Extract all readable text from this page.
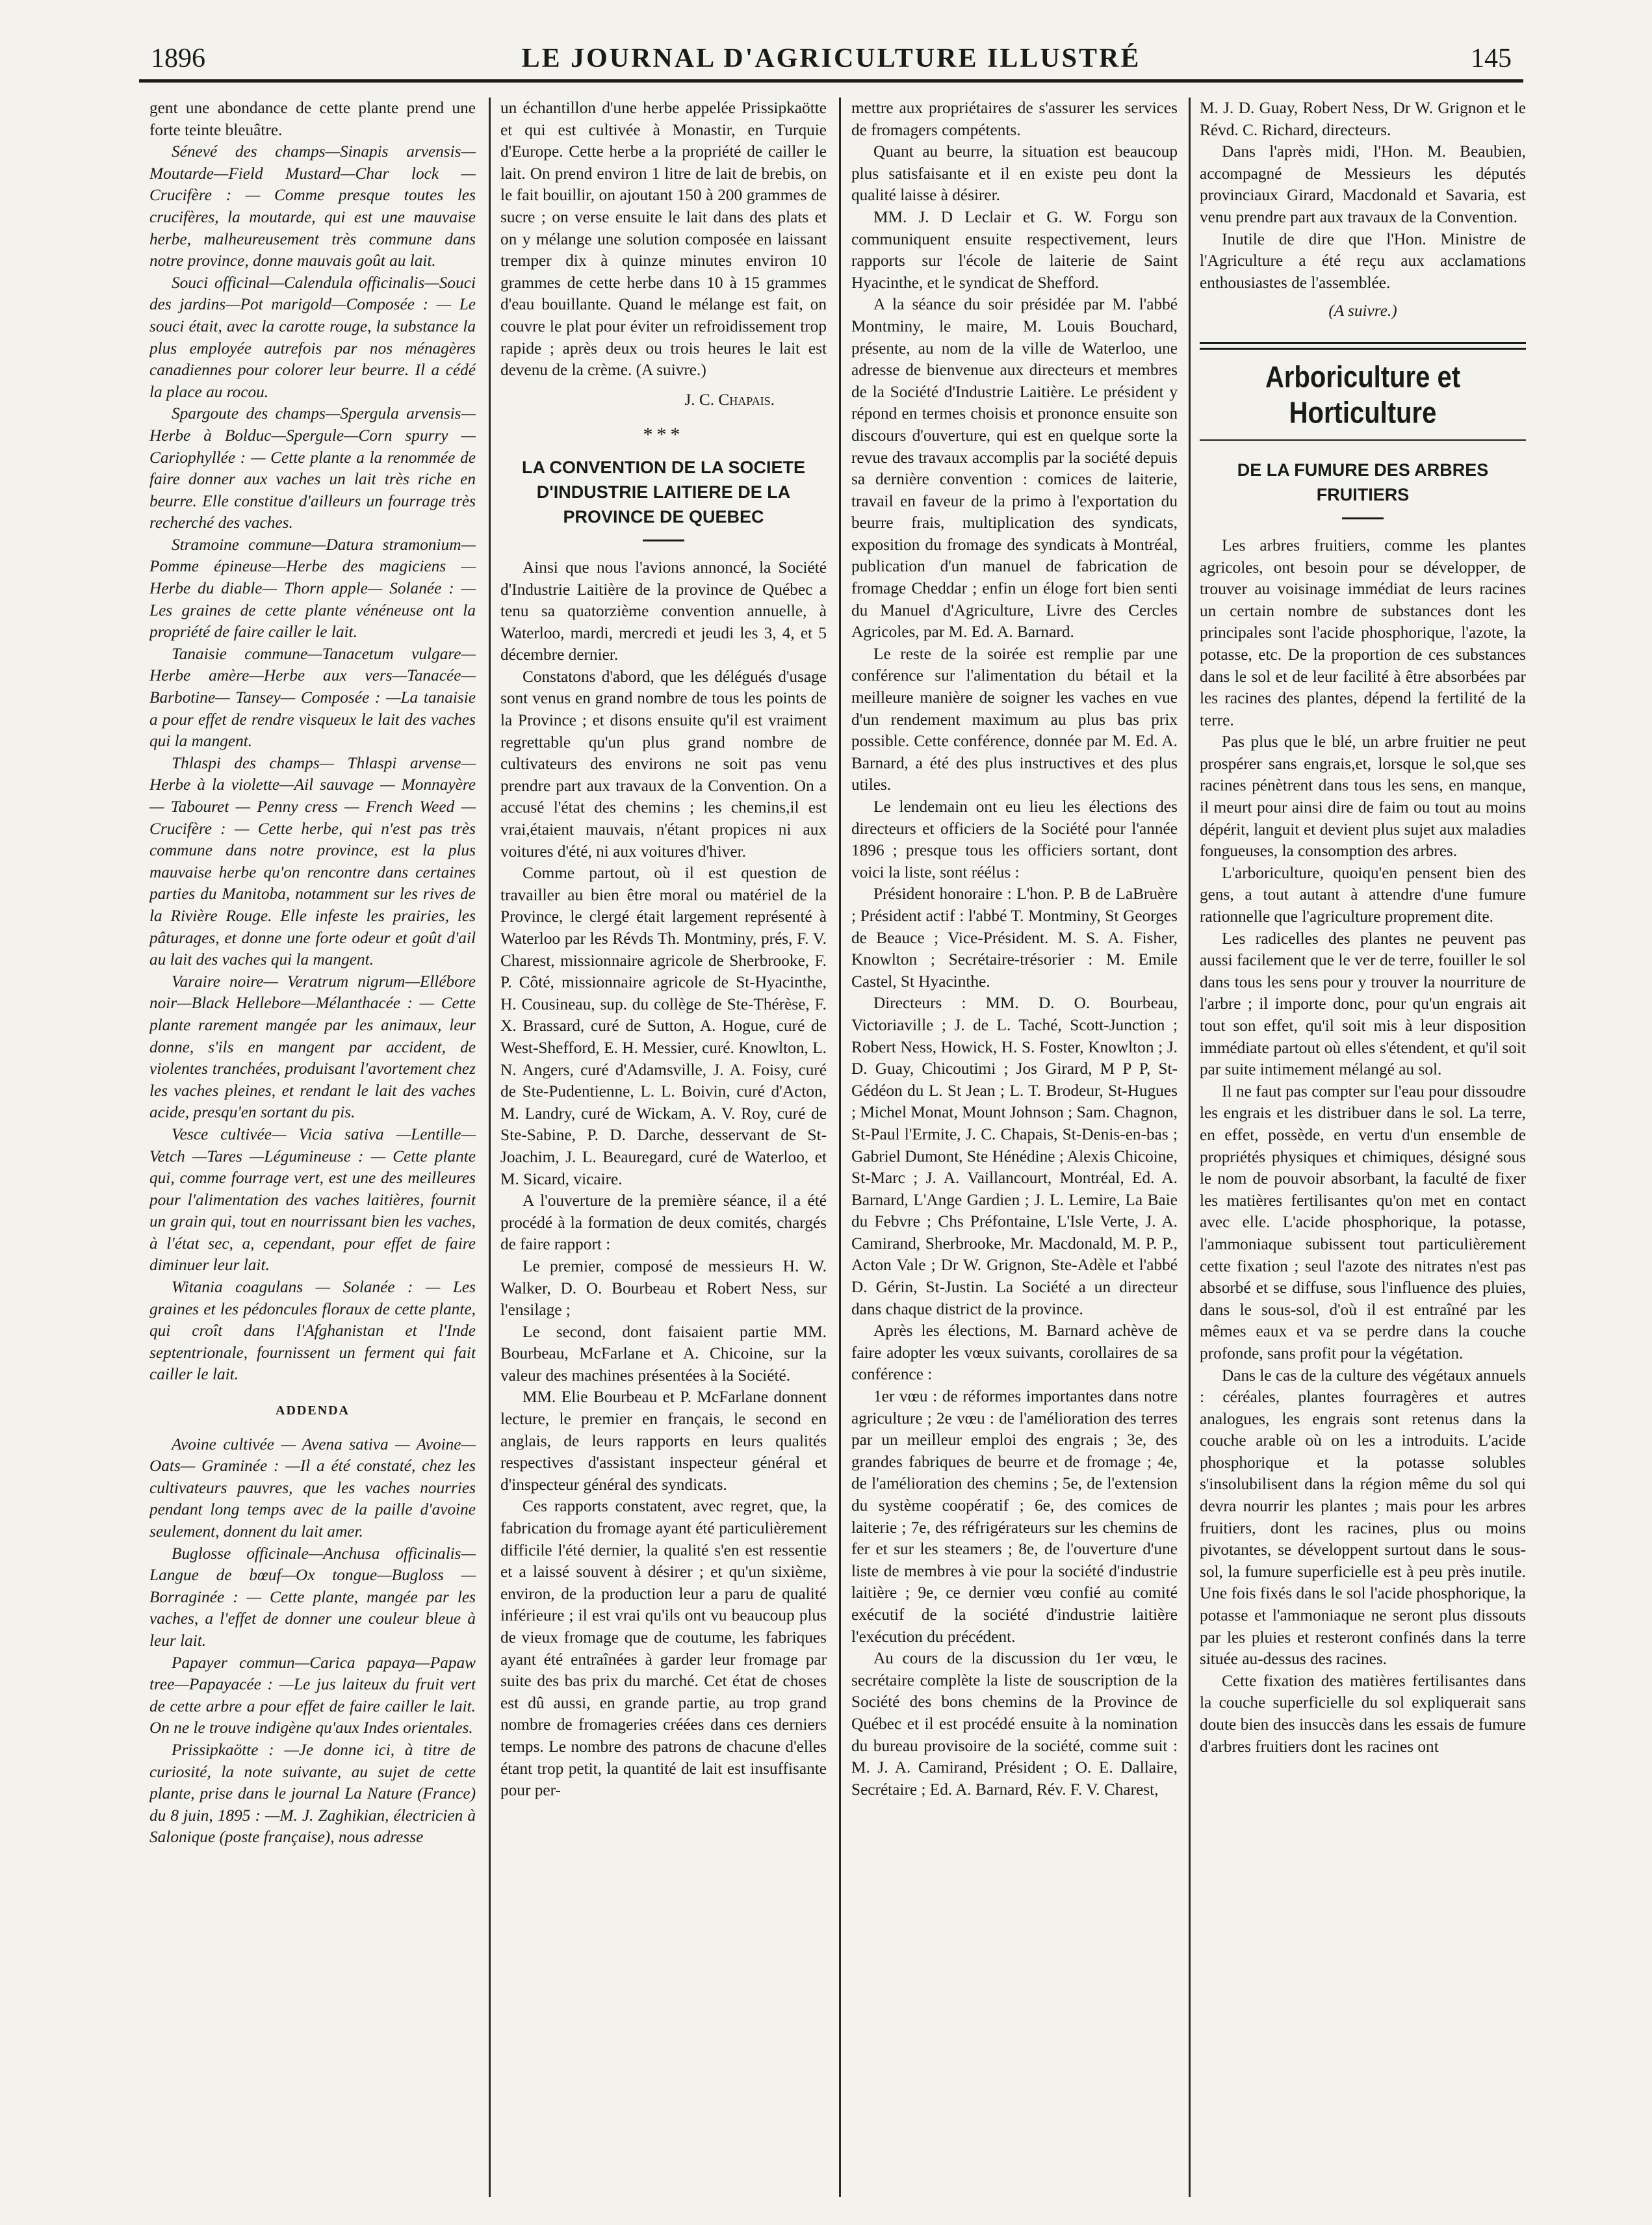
1896	LE JOURNAL D'AGRICULTURE ILLUSTRÉ	145

gent une abondance de cette plante prend une forte teinte bleuâtre.

Sénevé des champs—Sinapis arvensis—Moutarde—Field Mustard—Char lock — Crucifère : — Comme presque toutes les crucifères, la moutarde, qui est une mauvaise herbe, malheureusement très commune dans notre province, donne mauvais goût au lait.

Souci officinal—Calendula officinalis—Souci des jardins—Pot marigold—Composée : — Le souci était, avec la carotte rouge, la substance la plus employée autrefois par nos ménagères canadiennes pour colorer leur beurre. Il a cédé la place au rocou.

Spargoute des champs—Spergula arvensis—Herbe à Bolduc—Spergule—Corn spurry — Cariophyllée : — Cette plante a la renommée de faire donner aux vaches un lait très riche en beurre. Elle constitue d'ailleurs un fourrage très recherché des vaches.

Stramoine commune—Datura stramonium—Pomme épineuse—Herbe des magiciens — Herbe du diable— Thorn apple— Solanée : —Les graines de cette plante vénéneuse ont la propriété de faire cailler le lait.

Tanaisie commune—Tanacetum vulgare—Herbe amère—Herbe aux vers—Tanacée— Barbotine— Tansey— Composée : —La tanaisie a pour effet de rendre visqueux le lait des vaches qui la mangent.

Thlaspi des champs— Thlaspi arvense—Herbe à la violette—Ail sauvage — Monnayère — Tabouret — Penny cress — French Weed — Crucifère : — Cette herbe, qui n'est pas très commune dans notre province, est la plus mauvaise herbe qu'on rencontre dans certaines parties du Manitoba, notamment sur les rives de la Rivière Rouge. Elle infeste les prairies, les pâturages, et donne une forte odeur et goût d'ail au lait des vaches qui la mangent.

Varaire noire— Veratrum nigrum—Ellébore noir—Black Hellebore—Mélanthacée : — Cette plante rarement mangée par les animaux, leur donne, s'ils en mangent par accident, de violentes tranchées, produisant l'avortement chez les vaches pleines, et rendant le lait des vaches acide, presqu'en sortant du pis.

Vesce cultivée— Vicia sativa —Lentille— Vetch —Tares —Légumineuse : — Cette plante qui, comme fourrage vert, est une des meilleures pour l'alimentation des vaches laitières, fournit un grain qui, tout en nourrissant bien les vaches, à l'état sec, a, cependant, pour effet de faire diminuer leur lait.

Witania coagulans — Solanée : — Les graines et les pédoncules floraux de cette plante, qui croît dans l'Afghanistan et l'Inde septentrionale, fournissent un ferment qui fait cailler le lait.

ADDENDA

Avoine cultivée — Avena sativa — Avoine—Oats— Graminée : —Il a été constaté, chez les cultivateurs pauvres, que les vaches nourries pendant long temps avec de la paille d'avoine seulement, donnent du lait amer.

Buglosse officinale—Anchusa officinalis—Langue de bœuf—Ox tongue—Bugloss — Borraginée : — Cette plante, mangée par les vaches, a l'effet de donner une couleur bleue à leur lait.

Papayer commun—Carica papaya—Papaw tree—Papayacée : —Le jus laiteux du fruit vert de cette arbre a pour effet de faire cailler le lait. On ne le trouve indigène qu'aux Indes orientales.

Prissipkaötte : —Je donne ici, à titre de curiosité, la note suivante, au sujet de cette plante, prise dans le journal La Nature (France) du 8 juin, 1895 : —M. J. Zaghikian, électricien à Salonique (poste française), nous adresse

un échantillon d'une herbe appelée Prissipkaötte et qui est cultivée à Monastir, en Turquie d'Europe. Cette herbe a la propriété de cailler le lait. On prend environ 1 litre de lait de brebis, on le fait bouillir, on ajoutant 150 à 200 grammes de sucre ; on verse ensuite le lait dans des plats et on y mélange une solution composée en laissant tremper dix à quinze minutes environ 10 grammes de cette herbe dans 10 à 15 grammes d'eau bouillante. Quand le mélange est fait, on couvre le plat pour éviter un refroidissement trop rapide ; après deux ou trois heures le lait est devenu de la crème. (A suivre.)

J. C. Chapais.
***
LA CONVENTION DE LA SOCIETE D'INDUSTRIE LAITIERE DE LA PROVINCE DE QUEBEC

Ainsi que nous l'avions annoncé, la Société d'Industrie Laitière de la province de Québec a tenu sa quatorzième convention annuelle, à Waterloo, mardi, mercredi et jeudi les 3, 4, et 5 décembre dernier.

Constatons d'abord, que les délégués d'usage sont venus en grand nombre de tous les points de la Province ; et disons ensuite qu'il est vraiment regrettable qu'un plus grand nombre de cultivateurs des environs ne soit pas venu prendre part aux travaux de la Convention. On a accusé l'état des chemins ; les chemins,il est vrai,étaient mauvais, n'étant propices ni aux voitures d'été, ni aux voitures d'hiver.

Comme partout, où il est question de travailler au bien être moral ou matériel de la Province, le clergé était largement représenté à Waterloo par les Révds Th. Montminy, prés, F. V. Charest, missionnaire agricole de Sherbrooke, F. P. Côté, missionnaire agricole de St-Hyacinthe, H. Cousineau, sup. du collège de Ste-Thérèse, F. X. Brassard, curé de Sutton, A. Hogue, curé de West-Shefford, E. H. Messier, curé. Knowlton, L. N. Angers, curé d'Adamsville, J. A. Foisy, curé de Ste-Pudentienne, L. L. Boivin, curé d'Acton, M. Landry, curé de Wickam, A. V. Roy, curé de Ste-Sabine, P. D. Darche, desservant de St-Joachim, J. L. Beauregard, curé de Waterloo, et M. Sicard, vicaire.

A l'ouverture de la première séance, il a été procédé à la formation de deux comités, chargés de faire rapport :

Le premier, composé de messieurs H. W. Walker, D. O. Bourbeau et Robert Ness, sur l'ensilage ;

Le second, dont faisaient partie MM. Bourbeau, McFarlane et A. Chicoine, sur la valeur des machines présentées à la Société.

MM. Elie Bourbeau et P. McFarlane donnent lecture, le premier en français, le second en anglais, de leurs rapports en leurs qualités respectives d'assistant inspecteur général et d'inspecteur général des syndicats.

Ces rapports constatent, avec regret, que, la fabrication du fromage ayant été particulièrement difficile l'été dernier, la qualité s'en est ressentie et a laissé souvent à désirer ; et qu'un sixième, environ, de la production leur a paru de qualité inférieure ; il est vrai qu'ils ont vu beaucoup plus de vieux fromage que de coutume, les fabriques ayant été entraînées à garder leur fromage par suite des bas prix du marché. Cet état de choses est dû aussi, en grande partie, au trop grand nombre de fromageries créées dans ces derniers temps. Le nombre des patrons de chacune d'elles étant trop petit, la quantité de lait est insuffisante pour per-

mettre aux propriétaires de s'assurer les services de fromagers compétents.

Quant au beurre, la situation est beaucoup plus satisfaisante et il en existe peu dont la qualité laisse à désirer.

MM. J. D Leclair et G. W. Forgu son communiquent ensuite respectivement, leurs rapports sur l'école de laiterie de Saint Hyacinthe, et le syndicat de Shefford.

A la séance du soir présidée par M. l'abbé Montminy, le maire, M. Louis Bouchard, présente, au nom de la ville de Waterloo, une adresse de bienvenue aux directeurs et membres de la Société d'Industrie Laitière. Le président y répond en termes choisis et prononce ensuite son discours d'ouverture, qui est en quelque sorte la revue des travaux accomplis par la société depuis sa dernière convention : comices de laiterie, travail en faveur de la primo à l'exportation du beurre frais, multiplication des syndicats, exposition du fromage des syndicats à Montréal, publication d'un manuel de fabrication de fromage Cheddar ; enfin un éloge fort bien senti du Manuel d'Agriculture, Livre des Cercles Agricoles, par M. Ed. A. Barnard.

Le reste de la soirée est remplie par une conférence sur l'alimentation du bétail et la meilleure manière de soigner les vaches en vue d'un rendement maximum au plus bas prix possible. Cette conférence, donnée par M. Ed. A. Barnard, a été des plus instructives et des plus utiles.

Le lendemain ont eu lieu les élections des directeurs et officiers de la Société pour l'année 1896 ; presque tous les officiers sortant, dont voici la liste, sont réélus :

Président honoraire : L'hon. P. B de LaBruère ; Président actif : l'abbé T. Montminy, St Georges de Beauce ; Vice-Président. M. S. A. Fisher, Knowlton ; Secrétaire-trésorier : M. Emile Castel, St Hyacinthe.

Directeurs : MM. D. O. Bourbeau, Victoriaville ; J. de L. Taché, Scott-Junction ; Robert Ness, Howick, H. S. Foster, Knowlton ; J. D. Guay, Chicoutimi ; Jos Girard, M P P, St-Gédéon du L. St Jean ; L. T. Brodeur, St-Hugues ; Michel Monat, Mount Johnson ; Sam. Chagnon, St-Paul l'Ermite, J. C. Chapais, St-Denis-en-bas ; Gabriel Dumont, Ste Hénédine ; Alexis Chicoine, St-Marc ; J. A. Vaillancourt, Montréal, Ed. A. Barnard, L'Ange Gardien ; J. L. Lemire, La Baie du Febvre ; Chs Préfontaine, L'Isle Verte, J. A. Camirand, Sherbrooke, Mr. Macdonald, M. P. P., Acton Vale ; Dr W. Grignon, Ste-Adèle et l'abbé D. Gérin, St-Justin. La Société a un directeur dans chaque district de la province.

Après les élections, M. Barnard achève de faire adopter les vœux suivants, corollaires de sa conférence :

1er vœu : de réformes importantes dans notre agriculture ; 2e vœu : de l'amélioration des terres par un meilleur emploi des engrais ; 3e, des grandes fabriques de beurre et de fromage ; 4e, de l'amélioration des chemins ; 5e, de l'extension du système coopératif ; 6e, des comices de laiterie ; 7e, des réfrigérateurs sur les chemins de fer et sur les steamers ; 8e, de l'ouverture d'une liste de membres à vie pour la société d'industrie laitière ; 9e, ce dernier vœu confié au comité exécutif de la société d'industrie laitière l'exécution du précédent.

Au cours de la discussion du 1er vœu, le secrétaire complète la liste de souscription de la Société des bons chemins de la Province de Québec et il est procédé ensuite à la nomination du bureau provisoire de la société, comme suit : M. J. A. Camirand, Président ; O. E. Dallaire, Secrétaire ; Ed. A. Barnard, Rév. F. V. Charest,

M. J. D. Guay, Robert Ness, Dr W. Grignon et le Révd. C. Richard, directeurs.

Dans l'après midi, l'Hon. M. Beaubien, accompagné de Messieurs les députés provinciaux Girard, Macdonald et Savaria, est venu prendre part aux travaux de la Convention.

Inutile de dire que l'Hon. Ministre de l'Agriculture a été reçu aux acclamations enthousiastes de l'assemblée.

(A suivre.)
Arboriculture et Horticulture
DE LA FUMURE DES ARBRES FRUITIERS

Les arbres fruitiers, comme les plantes agricoles, ont besoin pour se développer, de trouver au voisinage immédiat de leurs racines un certain nombre de substances dont les principales sont l'acide phosphorique, l'azote, la potasse, etc. De la proportion de ces substances dans le sol et de leur facilité à être absorbées par les racines des plantes, dépend la fertilité de la terre.

Pas plus que le blé, un arbre fruitier ne peut prospérer sans engrais,et, lorsque le sol,que ses racines pénètrent dans tous les sens, en manque, il meurt pour ainsi dire de faim ou tout au moins dépérit, languit et devient plus sujet aux maladies fongueuses, la consomption des arbres.

L'arboriculture, quoiqu'en pensent bien des gens, a tout autant à attendre d'une fumure rationnelle que l'agriculture proprement dite.

Les radicelles des plantes ne peuvent pas aussi facilement que le ver de terre, fouiller le sol dans tous les sens pour y trouver la nourriture de l'arbre ; il importe donc, pour qu'un engrais ait tout son effet, qu'il soit mis à leur disposition immédiate partout où elles s'étendent, et qu'il soit par suite intimement mélangé au sol.

Il ne faut pas compter sur l'eau pour dissoudre les engrais et les distribuer dans le sol. La terre, en effet, possède, en vertu d'un ensemble de propriétés physiques et chimiques, désigné sous le nom de pouvoir absorbant, la faculté de fixer les matières fertilisantes qu'on met en contact avec elle. L'acide phosphorique, la potasse, l'ammoniaque subissent tout particulièrement cette fixation ; seul l'azote des nitrates n'est pas absorbé et se diffuse, sous l'influence des pluies, dans le sous-sol, d'où il est entraîné par les mêmes eaux et va se perdre dans la couche profonde, sans profit pour la végétation.

Dans le cas de la culture des végétaux annuels : céréales, plantes fourragères et autres analogues, les engrais sont retenus dans la couche arable où on les a introduits. L'acide phosphorique et la potasse solubles s'insolubilisent dans la région même du sol qui devra nourrir les plantes ; mais pour les arbres fruitiers, dont les racines, plus ou moins pivotantes, se développent surtout dans le sous-sol, la fumure superficielle est à peu près inutile. Une fois fixés dans le sol l'acide phosphorique, la potasse et l'ammoniaque ne seront plus dissouts par les pluies et resteront confinés dans la terre située au-dessus des racines.

Cette fixation des matières fertilisantes dans la couche superficielle du sol expliquerait sans doute bien des insuccès dans les essais de fumure d'arbres fruitiers dont les racines ont
